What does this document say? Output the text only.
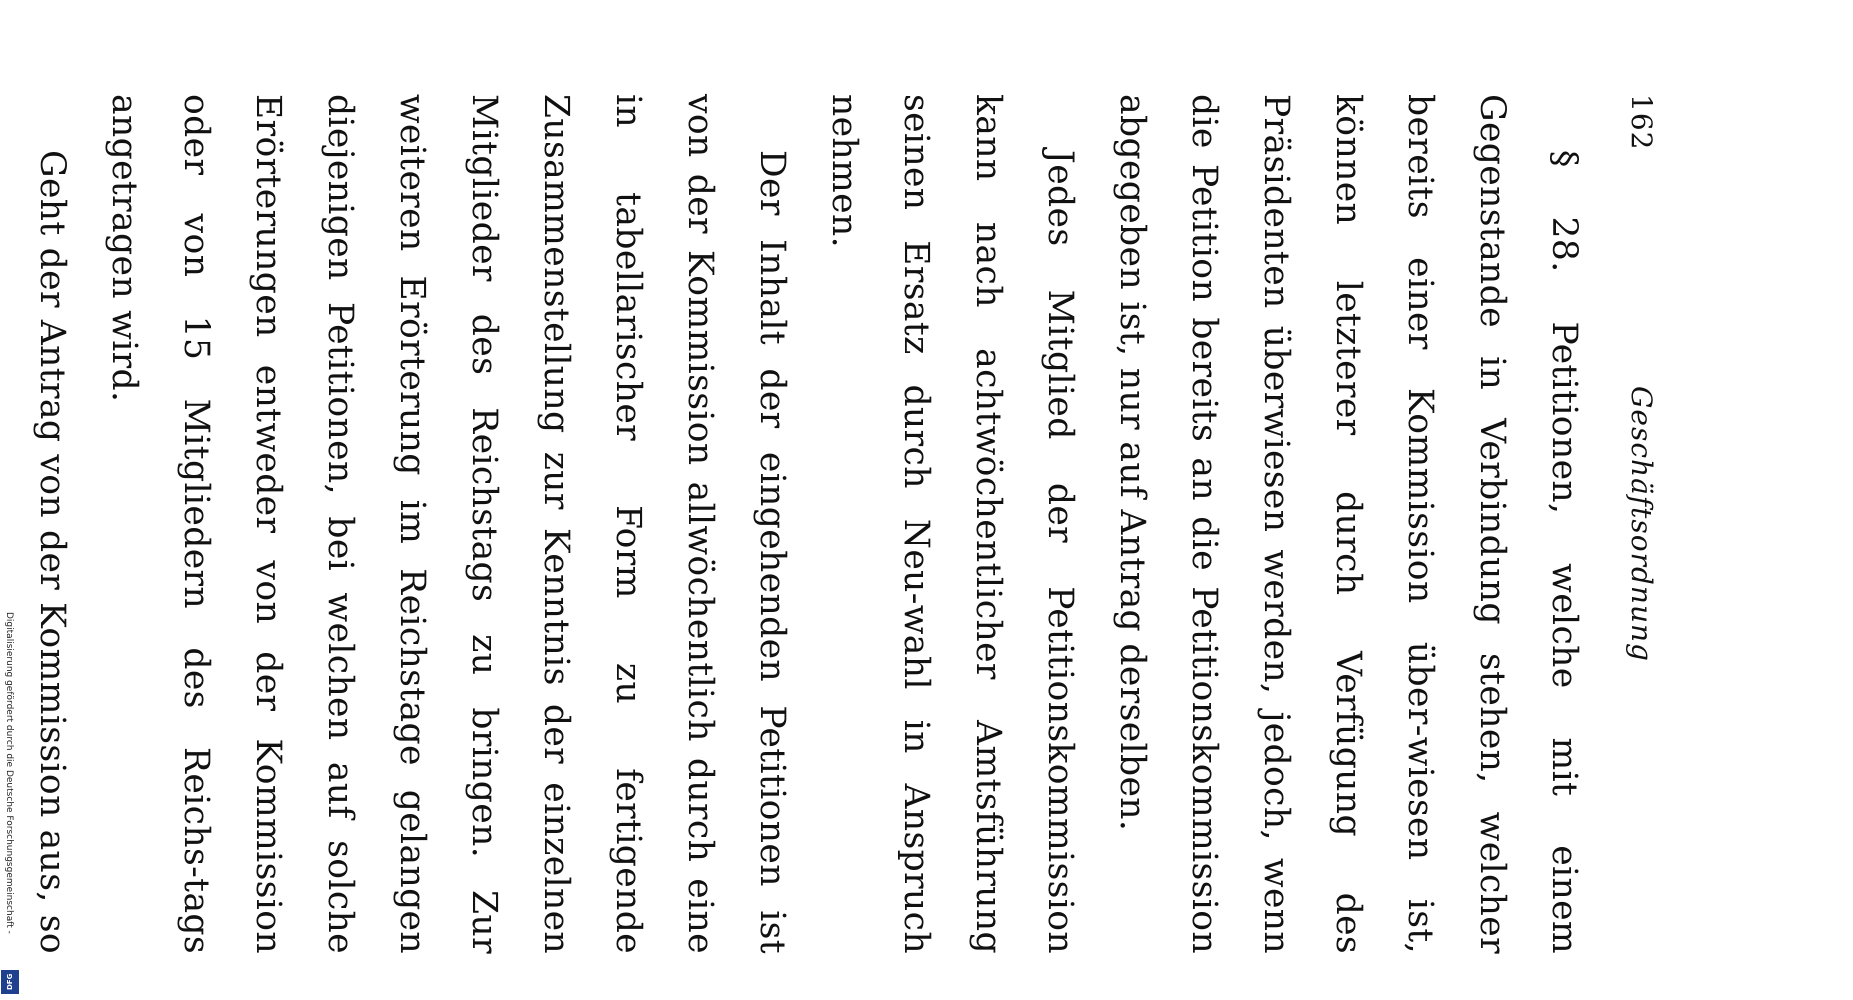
Digitalisierung gefördert durch die Deutsche Forschungsgemeinschaft -
DFG
162
Geschäftsordnung

§ 28. Petitionen, welche mit einem Gegenstande in Verbindung stehen, welcher bereits einer Kommission über-wiesen ist, können letzterer durch Verfügung des Präsidenten überwiesen werden, jedoch, wenn die Petition bereits an die Petitionskommission abgegeben ist, nur auf Antrag derselben.

Jedes Mitglied der Petitionskommission kann nach achtwöchentlicher Amtsführung seinen Ersatz durch Neu-wahl in Anspruch nehmen.

Der Inhalt der eingehenden Petitionen ist von der Kommission allwöchentlich durch eine in tabellarischer Form zu fertigende Zusammenstellung zur Kenntnis der einzelnen Mitglieder des Reichstags zu bringen. Zur weiteren Erörterung im Reichstage gelangen diejenigen Petitionen, bei welchen auf solche Erörterungen entweder von der Kommission oder von 15 Mitgliedern des Reichs-tags angetragen wird.

Geht der Antrag von der Kommission aus, so
